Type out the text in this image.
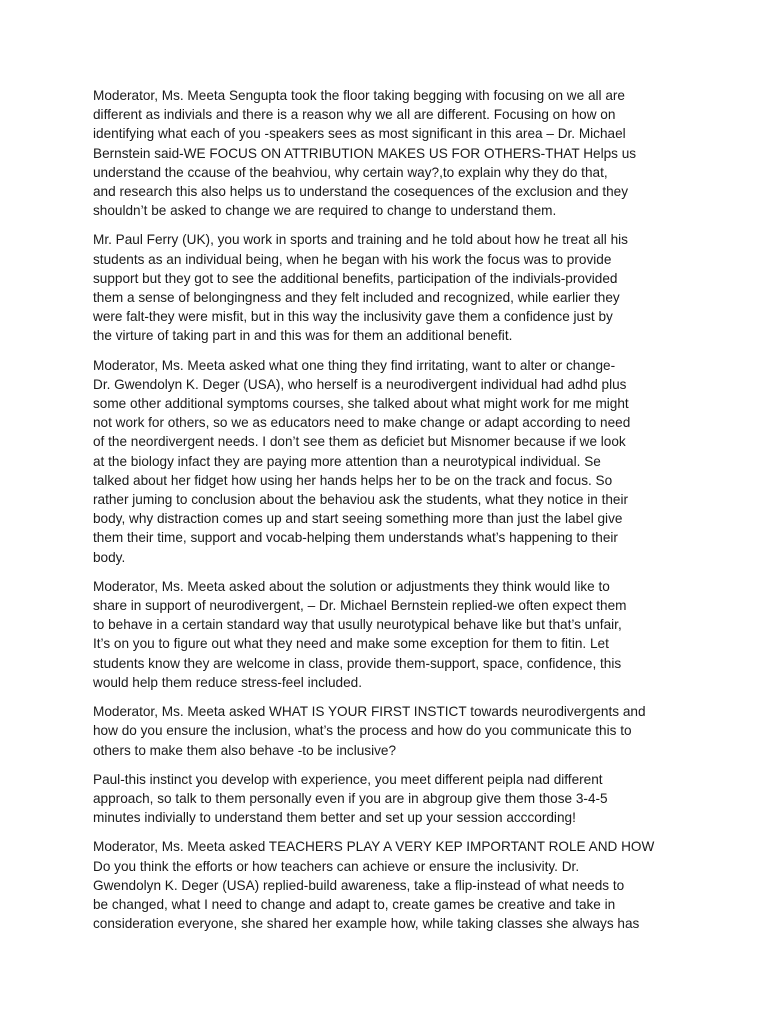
Moderator, Ms. Meeta Sengupta took the floor taking begging with focusing on we all are
different as indivials and there is a reason why we all are different. Focusing on how on
identifying what each of you -speakers sees as most significant in this area – Dr. Michael
Bernstein said-WE FOCUS ON ATTRIBUTION MAKES US FOR OTHERS-THAT Helps us
understand the ccause of the beahviou, why certain way?,to explain why they do that,
and research this also helps us to understand the cosequences of the exclusion and they
shouldn’t be asked to change we are required to change to understand them.

Mr. Paul Ferry (UK), you work in sports and training and he told about how he treat all his
students as an individual being, when he began with his work the focus was to provide
support but they got to see the additional benefits, participation of the indivials-provided
them a sense of belongingness and they felt included and recognized, while earlier they
were falt-they were misfit, but in this way the inclusivity gave them a confidence just by
the virture of taking part in and this was for them an additional benefit.

Moderator, Ms. Meeta asked what one thing they find irritating, want to alter or change-
Dr. Gwendolyn K. Deger (USA), who herself is a neurodivergent individual had adhd plus
some other additional symptoms courses, she talked about what might work for me might
not work for others, so we as educators need to make change or adapt according to need
of the neordivergent needs. I don’t see them as deficiet but Misnomer because if we look
at the biology infact they are paying more attention than a neurotypical individual. Se
talked about her fidget how using her hands helps her to be on the track and focus. So
rather juming to conclusion about the behaviou ask the students, what they notice in their
body, why distraction comes up and start seeing something more than just the label give
them their time, support and vocab-helping them understands what’s happening to their
body.

Moderator, Ms. Meeta asked about the solution or adjustments they think would like to
share in support of neurodivergent, – Dr. Michael Bernstein replied-we often expect them
to behave in a certain standard way that usully neurotypical behave like but that’s unfair,
It’s on you to figure out what they need and make some exception for them to fitin. Let
students know they are welcome in class, provide them-support, space, confidence, this
would help them reduce stress-feel included.

Moderator, Ms. Meeta asked WHAT IS YOUR FIRST INSTICT towards neurodivergents and
how do you ensure the inclusion, what’s the process and how do you communicate this to
others to make them also behave -to be inclusive?

Paul-this instinct you develop with experience, you meet different peipla nad different
approach, so talk to them personally even if you are in abgroup give them those 3-4-5
minutes indivially to understand them better and set up your session acccording!

Moderator, Ms. Meeta asked TEACHERS PLAY A VERY KEP IMPORTANT ROLE AND HOW
Do you think the efforts or how teachers can achieve or ensure the inclusivity. Dr.
Gwendolyn K. Deger (USA) replied-build awareness, take a flip-instead of what needs to
be changed, what I need to change and adapt to, create games be creative and take in
consideration everyone, she shared her example how, while taking classes she always has
